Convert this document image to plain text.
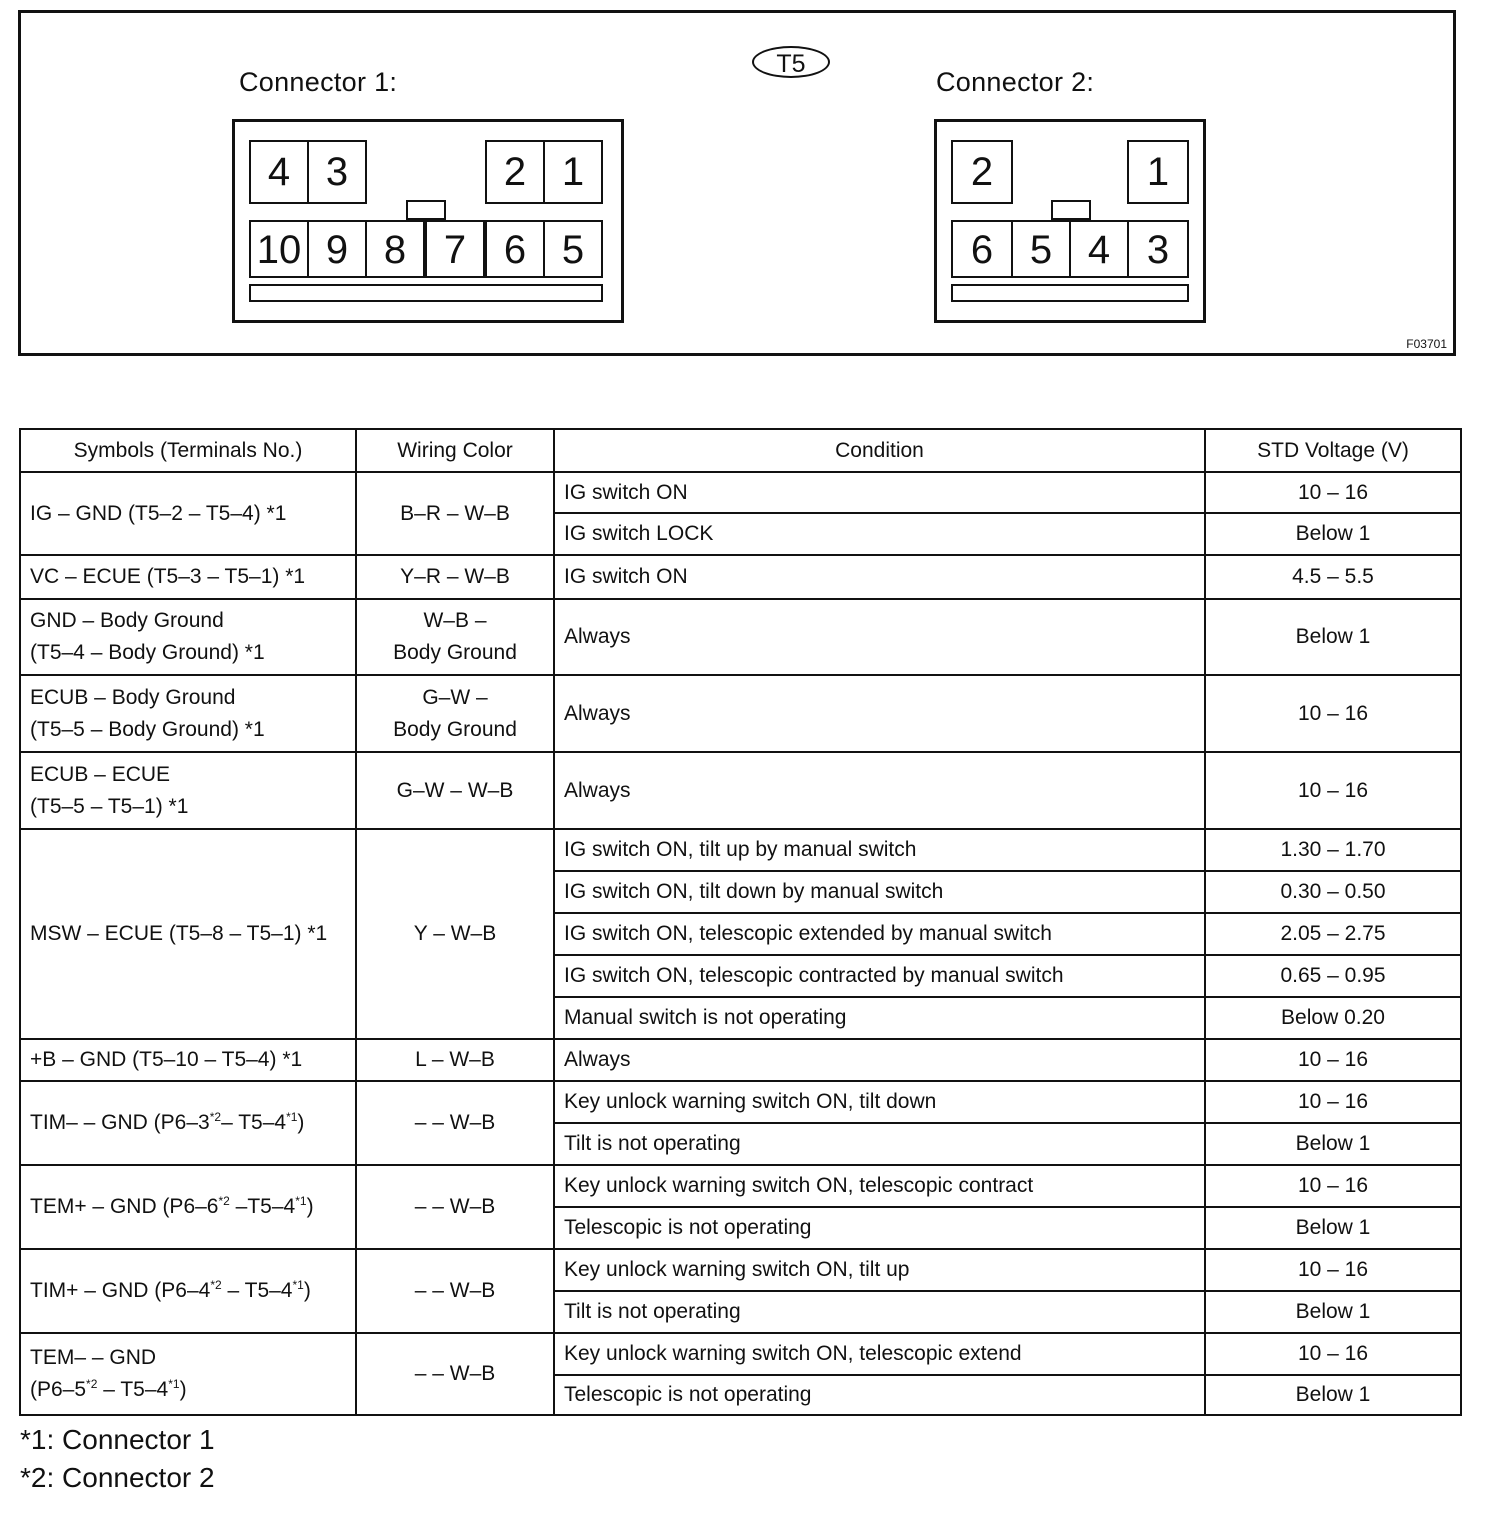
Connector 1:
T5
Connector 2:
4 3	2 1
10 9 8 7 6 5
2	1
6 5 4 3
F03701
Symbols (Terminals No.)	Wiring Color	Condition	STD Voltage (V)
IG – GND (T5–2 – T5–4) *1	B–R – W–B	IG switch ON	10 – 16
		IG switch LOCK	Below 1
VC – ECUE (T5–3 – T5–1) *1	Y–R – W–B	IG switch ON	4.5 – 5.5
GND – Body Ground
(T5–4 – Body Ground) *1	W–B –
Body Ground	Always	Below 1
ECUB – Body Ground
(T5–5 – Body Ground) *1	G–W –
Body Ground	Always	10 – 16
ECUB – ECUE
(T5–5 – T5–1) *1	G–W – W–B	Always	10 – 16
MSW – ECUE (T5–8 – T5–1) *1	Y – W–B	IG switch ON, tilt up by manual switch	1.30 – 1.70
		IG switch ON, tilt down by manual switch	0.30 – 0.50
		IG switch ON, telescopic extended by manual switch	2.05 – 2.75
		IG switch ON, telescopic contracted by manual switch	0.65 – 0.95
		Manual switch is not operating	Below 0.20
+B – GND (T5–10 – T5–4) *1	L – W–B	Always	10 – 16
TIM– – GND (P6–3$^{*2}$– T5–4$^{*1}$)	– – W–B	Key unlock warning switch ON, tilt down	10 – 16
		Tilt is not operating	Below 1
TEM+ – GND (P6–6$^{*2}$ –T5–4$^{*1}$)	– – W–B	Key unlock warning switch ON, telescopic contract	10 – 16
		Telescopic is not operating	Below 1
TIM+ – GND (P6–4$^{*2}$ – T5–4$^{*1}$)	– – W–B	Key unlock warning switch ON, tilt up	10 – 16
		Tilt is not operating	Below 1
TEM– – GND
(P6–5$^{*2}$ – T5–4$^{*1}$)	– – W–B	Key unlock warning switch ON, telescopic extend	10 – 16
		Telescopic is not operating	Below 1
*1: Connector 1
*2: Connector 2
